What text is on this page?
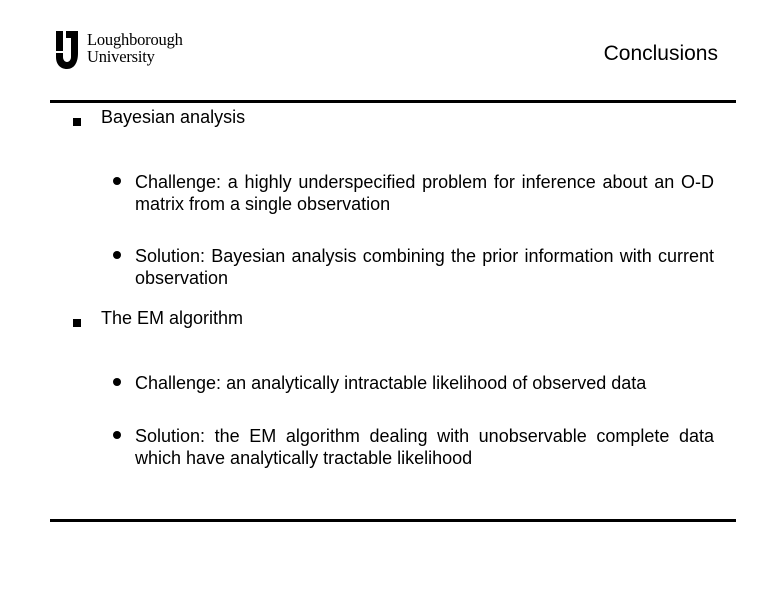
Loughborough
University	Conclusions
Bayesian analysis
Challenge: a highly underspecified problem for inference about an O-D matrix from a single observation
Solution: Bayesian analysis combining the prior information with current observation
The EM algorithm
Challenge: an analytically intractable likelihood of observed data
Solution: the EM algorithm dealing with unobservable complete data which have analytically tractable likelihood
